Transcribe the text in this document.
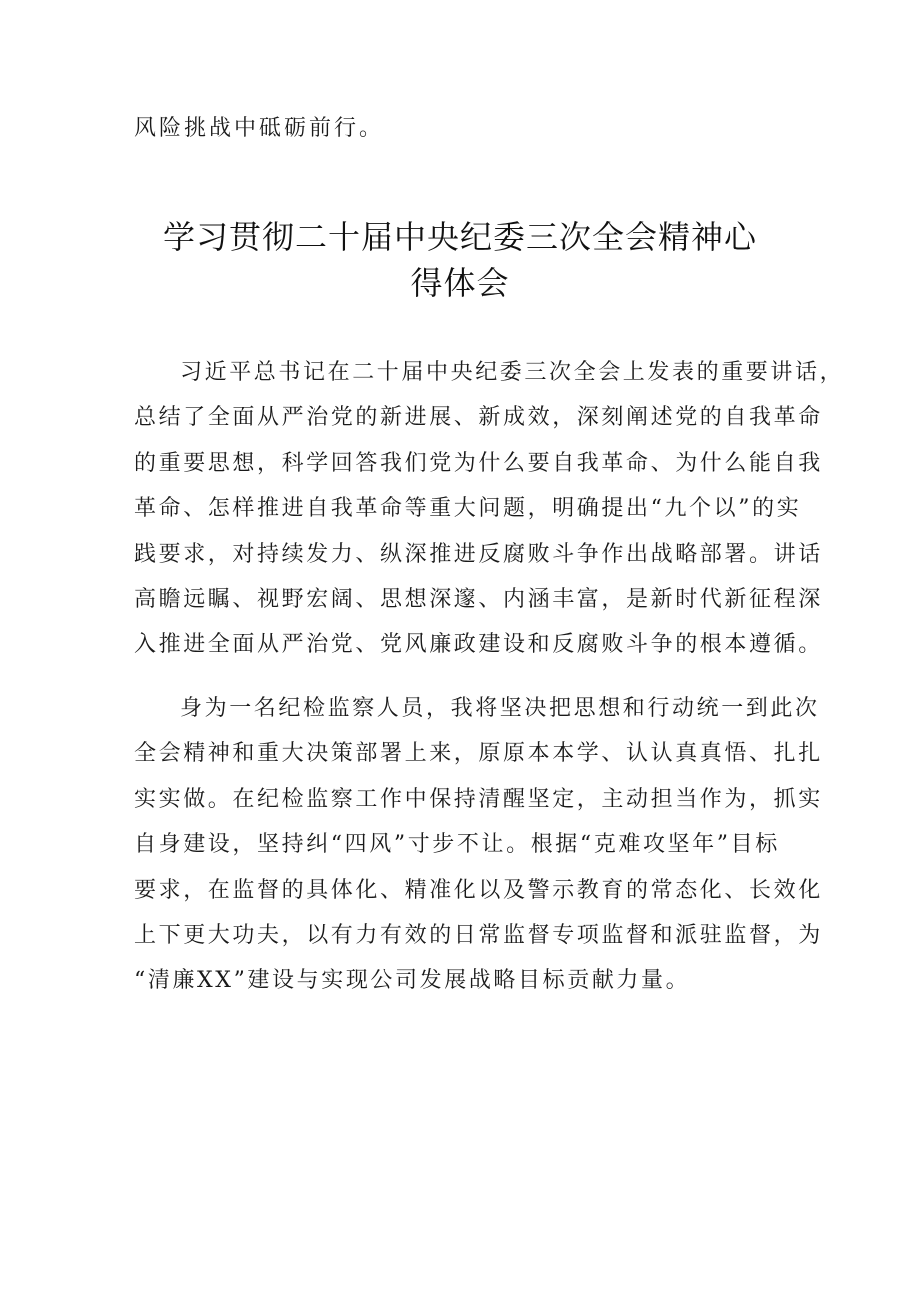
风险挑战中砥砺前行。
学习贯彻二十届中央纪委三次全会精神心
得体会
习近平总书记在二十届中央纪委三次全会上发表的重要讲话，
总结了全面从严治党的新进展、新成效，深刻阐述党的自我革命
的重要思想，科学回答我们党为什么要自我革命、为什么能自我
革命、怎样推进自我革命等重大问题，明确提出“九个以”的实
践要求，对持续发力、纵深推进反腐败斗争作出战略部署。讲话
高瞻远瞩、视野宏阔、思想深邃、内涵丰富，是新时代新征程深
入推进全面从严治党、党风廉政建设和反腐败斗争的根本遵循。
身为一名纪检监察人员，我将坚决把思想和行动统一到此次
全会精神和重大决策部署上来，原原本本学、认认真真悟、扎扎
实实做。在纪检监察工作中保持清醒坚定，主动担当作为，抓实
自身建设，坚持纠“四风”寸步不让。根据“克难攻坚年”目标
要求，在监督的具体化、精准化以及警示教育的常态化、长效化
上下更大功夫，以有力有效的日常监督专项监督和派驻监督，为
“清廉XX”建设与实现公司发展战略目标贡献力量。
